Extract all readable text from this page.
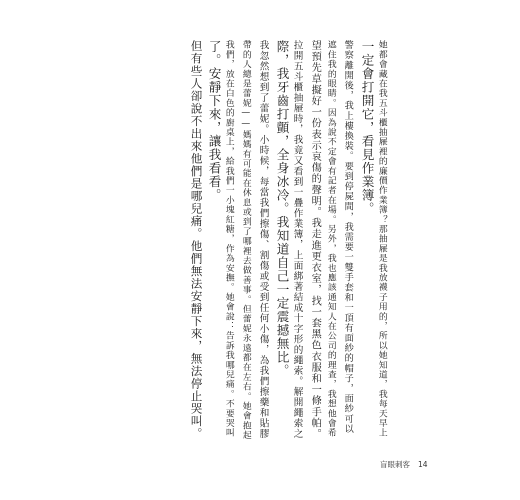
她都會藏在我五斗櫃抽屜裡的廉價作業簿？那抽屜是我放襪子用的，所以她知道，我每天早上
一定會打開它，看見作業簿。
警察離開後，我上樓換裝。要到停屍間，我需要一雙手套和一頂有面紗的帽子，面紗可以
遮住我的眼睛。因為說不定會有記者在場。另外，我也應該通知人在公司的理查，我想他會希
望預先草擬好一份表示哀傷的聲明。我走進更衣室，找一套黑色衣服和一條手帕。
拉開五斗櫃抽屜時，我竟又看到一疊作業簿，上面綁著結成十字形的繩索。解開繩索之
際，我牙齒打顫，全身冰冷。我知道自己一定震撼無比。
我忽然想到了蕾妮。小時候，每當我們擦傷、割傷或受到任何小傷，為我們擦藥和貼膠
帶的人總是蕾妮——媽媽有可能在休息或到了哪裡去做善事。但蕾妮永遠都在左右。她會抱起
我們，放在白色的廚桌上，給我們一小塊紅糖，作為安撫。她會說：告訴我哪兒痛。不要哭叫
了。安靜下來，讓我看看。
但有些人卻說不出來他們是哪兒痛。他們無法安靜下來，無法停止哭叫。
盲眼刺客 14
